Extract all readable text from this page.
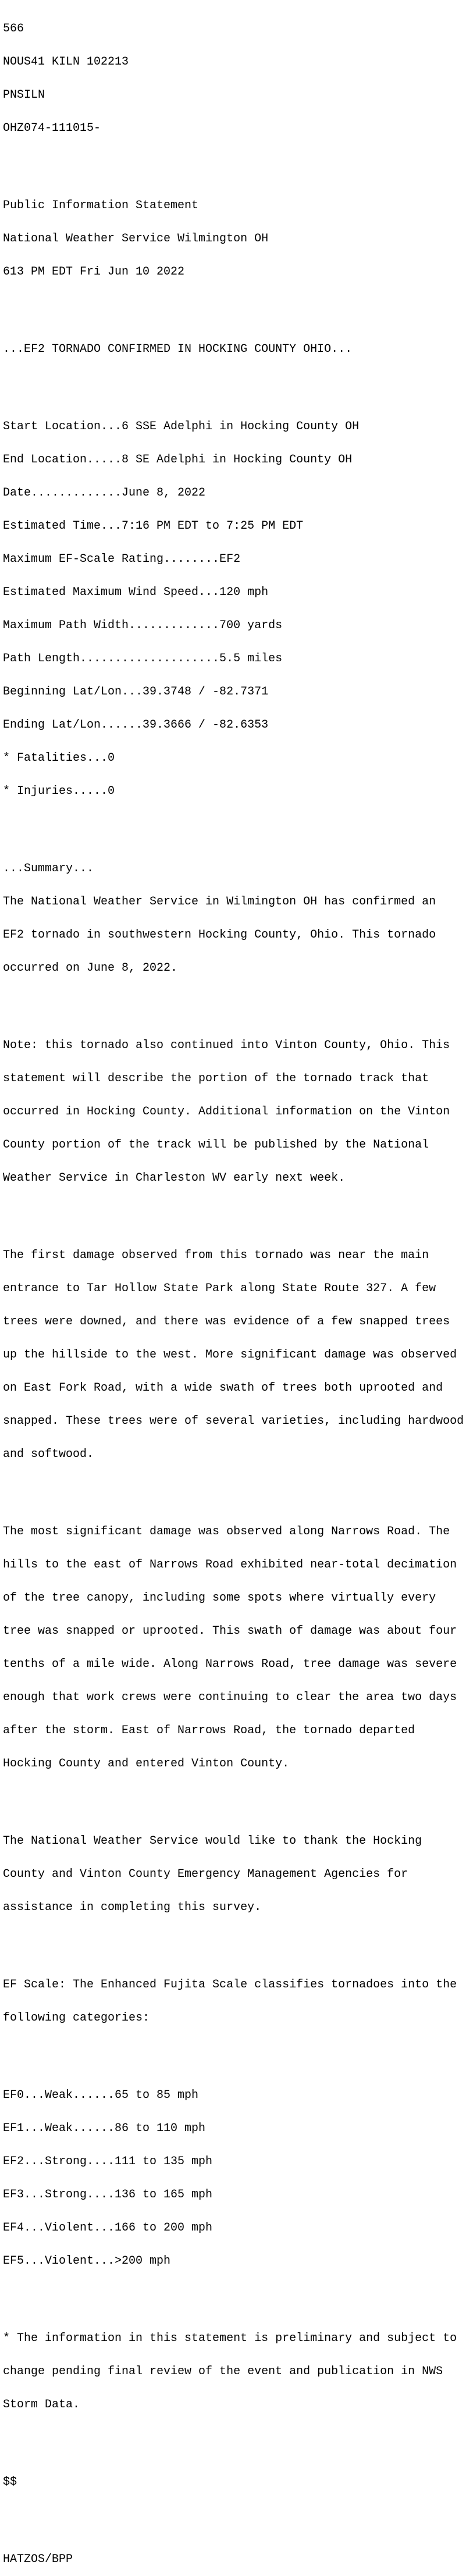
566

NOUS41 KILN 102213

PNSILN

OHZ074-111015-

Public Information Statement

National Weather Service Wilmington OH

613 PM EDT Fri Jun 10 2022

...EF2 TORNADO CONFIRMED IN HOCKING COUNTY OHIO...

Start Location...6 SSE Adelphi in Hocking County OH

End Location.....8 SE Adelphi in Hocking County OH

Date.............June 8, 2022

Estimated Time...7:16 PM EDT to 7:25 PM EDT

Maximum EF-Scale Rating........EF2

Estimated Maximum Wind Speed...120 mph

Maximum Path Width.............700 yards

Path Length....................5.5 miles

Beginning Lat/Lon...39.3748 / -82.7371

Ending Lat/Lon......39.3666 / -82.6353

* Fatalities...0

* Injuries.....0

...Summary...

The National Weather Service in Wilmington OH has confirmed an

EF2 tornado in southwestern Hocking County, Ohio. This tornado

occurred on June 8, 2022.

Note: this tornado also continued into Vinton County, Ohio. This

statement will describe the portion of the tornado track that

occurred in Hocking County. Additional information on the Vinton

County portion of the track will be published by the National

Weather Service in Charleston WV early next week.

The first damage observed from this tornado was near the main

entrance to Tar Hollow State Park along State Route 327. A few

trees were downed, and there was evidence of a few snapped trees

up the hillside to the west. More significant damage was observed

on East Fork Road, with a wide swath of trees both uprooted and

snapped. These trees were of several varieties, including hardwood

and softwood.

The most significant damage was observed along Narrows Road. The

hills to the east of Narrows Road exhibited near-total decimation

of the tree canopy, including some spots where virtually every

tree was snapped or uprooted. This swath of damage was about four

tenths of a mile wide. Along Narrows Road, tree damage was severe

enough that work crews were continuing to clear the area two days

after the storm. East of Narrows Road, the tornado departed

Hocking County and entered Vinton County.

The National Weather Service would like to thank the Hocking

County and Vinton County Emergency Management Agencies for

assistance in completing this survey.

EF Scale: The Enhanced Fujita Scale classifies tornadoes into the

following categories:

EF0...Weak......65 to 85 mph

EF1...Weak......86 to 110 mph

EF2...Strong....111 to 135 mph

EF3...Strong....136 to 165 mph

EF4...Violent...166 to 200 mph

EF5...Violent...>200 mph

* The information in this statement is preliminary and subject to

change pending final review of the event and publication in NWS

Storm Data.

$$

HATZOS/BPP
